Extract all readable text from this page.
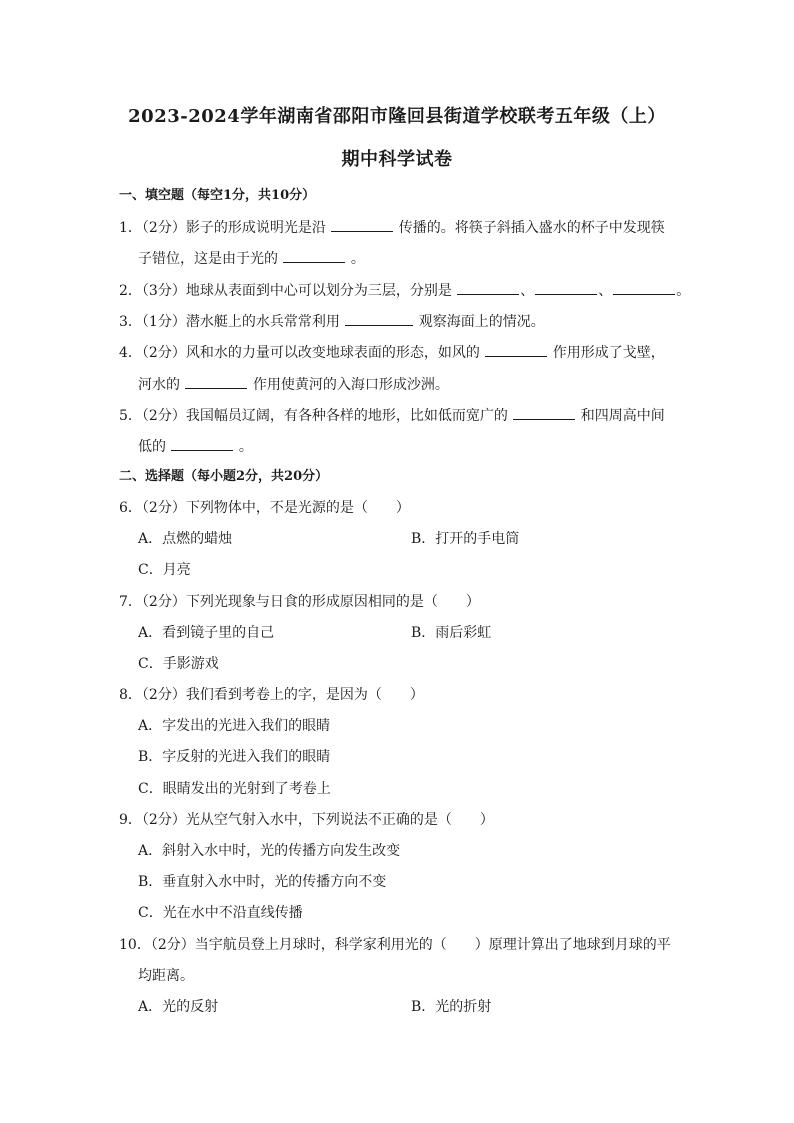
2023-2024学年湖南省邵阳市隆回县街道学校联考五年级（上）
期中科学试卷
一、填空题（每空1分，共10分）
1．（2分）影子的形成说明光是沿	传播的。将筷子斜插入盛水的杯子中发现筷
子错位，这是由于光的	。
2．（3分）地球从表面到中心可以划分为三层，分别是	、	、	。
3．（1分）潜水艇上的水兵常常利用	观察海面上的情况。
4．（2分）风和水的力量可以改变地球表面的形态，如风的	作用形成了戈壁，
河水的	作用使黄河的入海口形成沙洲。
5．（2分）我国幅员辽阔，有各种各样的地形，比如低而宽广的	和四周高中间
低的	。
二、选择题（每小题2分，共20分）
6．（2分）下列物体中，不是光源的是（　　）
A．点燃的蜡烛	B．打开的手电筒
C．月亮
7．（2分）下列光现象与日食的形成原因相同的是（　　）
A．看到镜子里的自己	B．雨后彩虹
C．手影游戏
8．（2分）我们看到考卷上的字，是因为（　　）
A．字发出的光进入我们的眼睛
B．字反射的光进入我们的眼睛
C．眼睛发出的光射到了考卷上
9．（2分）光从空气射入水中，下列说法不正确的是（　　）
A．斜射入水中时，光的传播方向发生改变
B．垂直射入水中时，光的传播方向不变
C．光在水中不沿直线传播
10．（2分）当宇航员登上月球时，科学家利用光的（　　）原理计算出了地球到月球的平
均距离。
A．光的反射	B．光的折射
